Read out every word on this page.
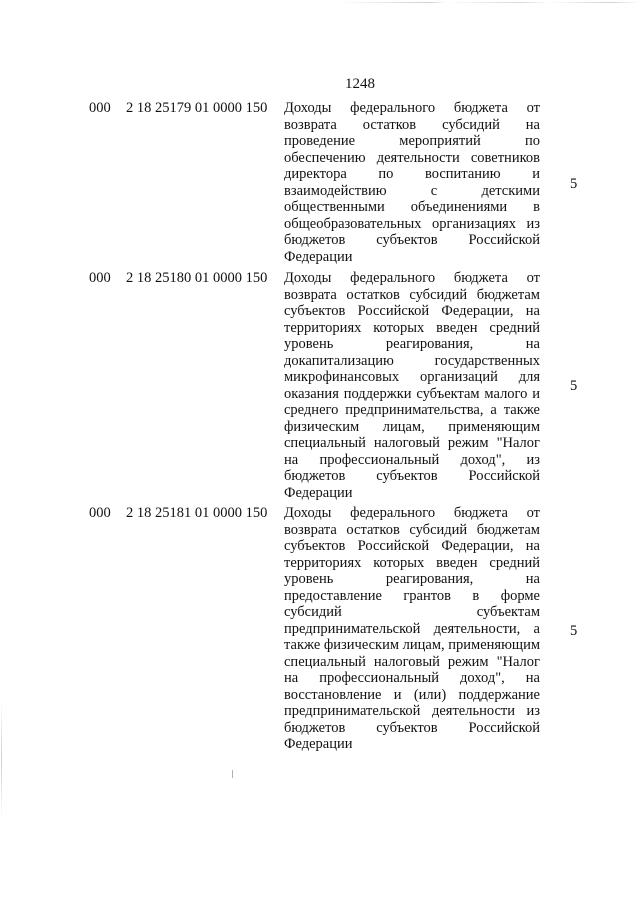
1248
000 2 18 25179 01 0000 150 Доходы федерального бюджета от возврата остатков субсидий на проведение мероприятий по обеспечению деятельности советников директора по воспитанию и взаимодействию с детскими общественными объединениями в общеобразовательных организациях из бюджетов субъектов Российской Федерации
5
000 2 18 25180 01 0000 150 Доходы федерального бюджета от возврата остатков субсидий бюджетам субъектов Российской Федерации, на территориях которых введен средний уровень реагирования, на докапитализацию государственных микрофинансовых организаций для оказания поддержки субъектам малого и среднего предпринимательства, а также физическим лицам, применяющим специальный налоговый режим "Налог на профессиональный доход", из бюджетов субъектов Российской Федерации
5
000 2 18 25181 01 0000 150 Доходы федерального бюджета от возврата остатков субсидий бюджетам субъектов Российской Федерации, на территориях которых введен средний уровень реагирования, на предоставление грантов в форме субсидий субъектам предпринимательской деятельности, а также физическим лицам, применяющим специальный налоговый режим "Налог на профессиональный доход", на восстановление и (или) поддержание предпринимательской деятельности из бюджетов субъектов Российской Федерации
5
